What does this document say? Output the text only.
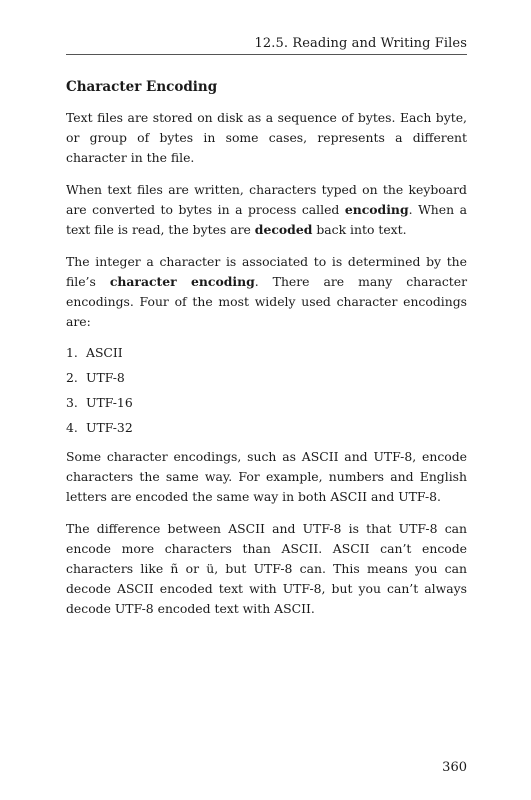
12.5. Reading and Writing Files
Character Encoding

Text files are stored on disk as a sequence of bytes. Each byte, or group of bytes in some cases, represents a different character in the file.

When text files are written, characters typed on the keyboard are converted to bytes in a process called encoding. When a text file is read, the bytes are decoded back into text.

The integer a character is associated to is determined by the file’s character encoding. There are many character encodings. Four of the most widely used character encodings are:

1. ASCII
2. UTF-8
3. UTF-16
4. UTF-32

Some character encodings, such as ASCII and UTF-8, encode characters the same way. For example, numbers and English letters are encoded the same way in both ASCII and UTF-8.

The difference between ASCII and UTF-8 is that UTF-8 can encode more characters than ASCII. ASCII can’t encode characters like ñ or ü, but UTF-8 can. This means you can decode ASCII encoded text with UTF-8, but you can’t always decode UTF-8 encoded text with ASCII.

360
